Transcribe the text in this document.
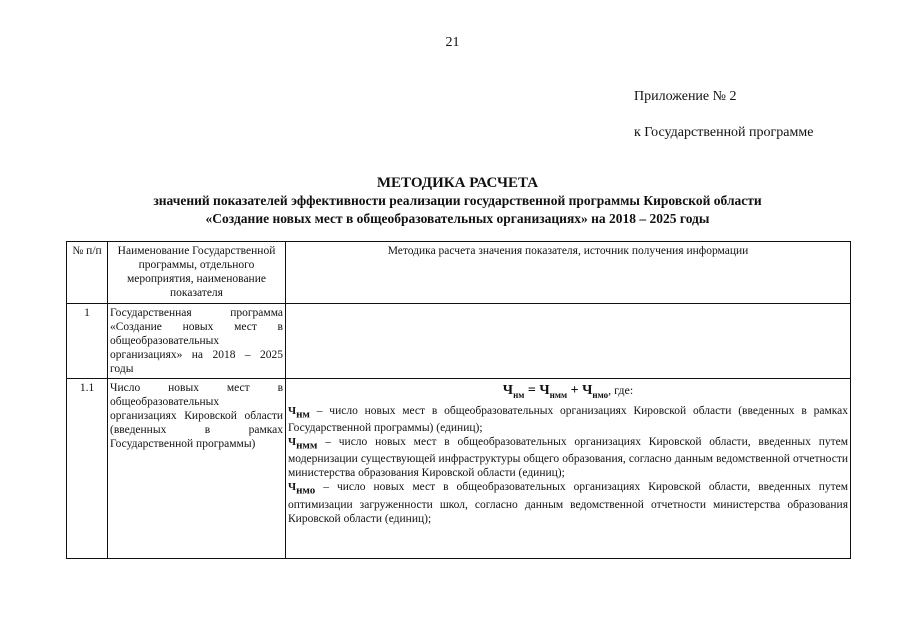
21
Приложение № 2
к Государственной программе
МЕТОДИКА РАСЧЕТА
значений показателей эффективности реализации государственной программы Кировской области
«Создание новых мест в общеобразовательных организациях» на 2018 – 2025 годы
№ п/п	Наименование Государственной программы, отдельного мероприятия, наименование показателя	Методика расчета значения показателя, источник получения информации
1	Государственная программа «Создание новых мест в общеобразовательных организациях» на 2018 – 2025 годы	
1.1	Число новых мест в общеобразовательных организациях Кировской области (введенных в рамках Государственной программы)	$Ч_{нм} = Ч_{нмм} + Ч_{нмо}$, где:

$Ч_{нм}$ – число новых мест в общеобразовательных организациях Кировской области (введенных в рамках Государственной программы) (единиц);

$Ч_{нмм}$ – число новых мест в общеобразовательных организациях Кировской области, введенных путем модернизации существующей инфраструктуры общего образования, согласно данным ведомственной отчетности министерства образования Кировской области (единиц);

$Ч_{нмо}$ – число новых мест в общеобразовательных организациях Кировской области, введенных путем оптимизации загруженности школ, согласно данным ведомственной отчетности министерства образования Кировской области (единиц);
